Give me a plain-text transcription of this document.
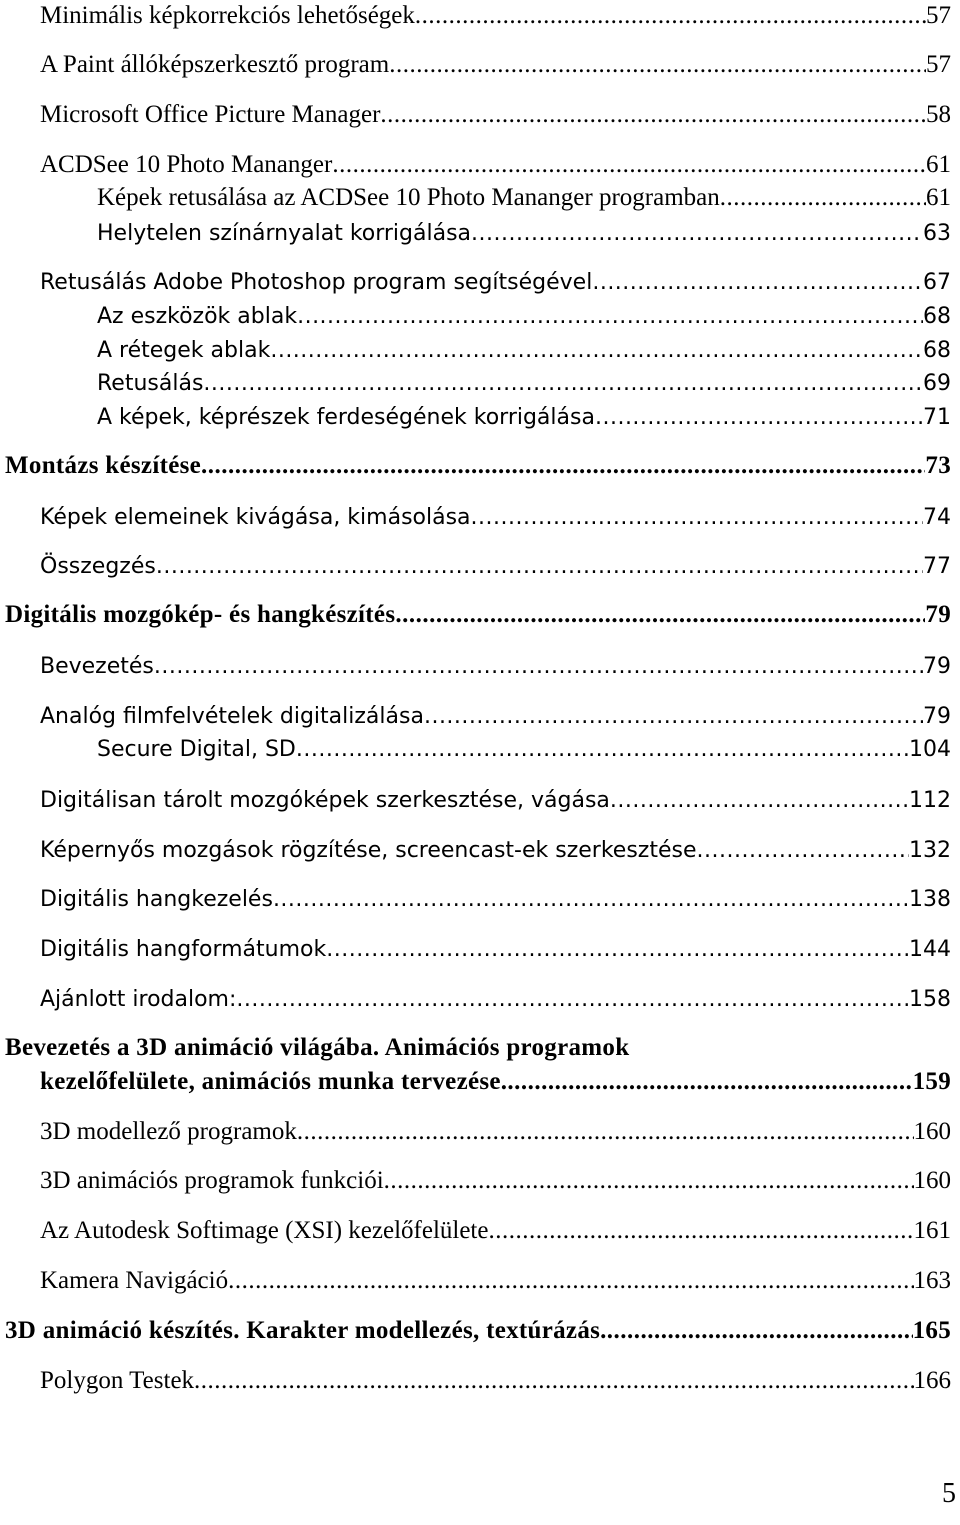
Minimális képkorrekciós lehetőségek .....	57
A Paint állóképszerkesztő program .....	57
Microsoft Office Picture Manager .....	58
ACDSee 10 Photo Mananger .....	61
Képek retusálása az ACDSee 10 Photo Mananger programban .....	61
Helytelen színárnyalat korrigálása .....	63
Retusálás Adobe Photoshop program segítségével .....	67
Az eszközök ablak .....	68
A rétegek ablak .....	68
Retusálás .....	69
A képek, képrészek ferdeségének korrigálása .....	71
Montázs készítése .....	73
Képek elemeinek kivágása, kimásolása .....	74
Összegzés .....	77
Digitális mozgókép- és hangkészítés .....	79
Bevezetés .....	79
Analóg filmfelvételek digitalizálása .....	79
Secure Digital, SD .....	104
Digitálisan tárolt mozgóképek szerkesztése, vágása .....	112
Képernyős mozgások rögzítése, screencast-ek szerkesztése .....	132
Digitális hangkezelés .....	138
Digitális hangformátumok .....	144
Ajánlott irodalom: .....	158
Bevezetés a 3D animáció világába. Animációs programok
kezelőfelülete, animációs munka tervezése. .....	159
3D modellező programok .....	160
3D animációs programok funkciói .....	160
Az Autodesk Softimage (XSI) kezelőfelülete .....	161
Kamera Navigáció .....	163
3D animáció készítés. Karakter modellezés, textúrázás. .....	165
Polygon Testek .....	166
5
